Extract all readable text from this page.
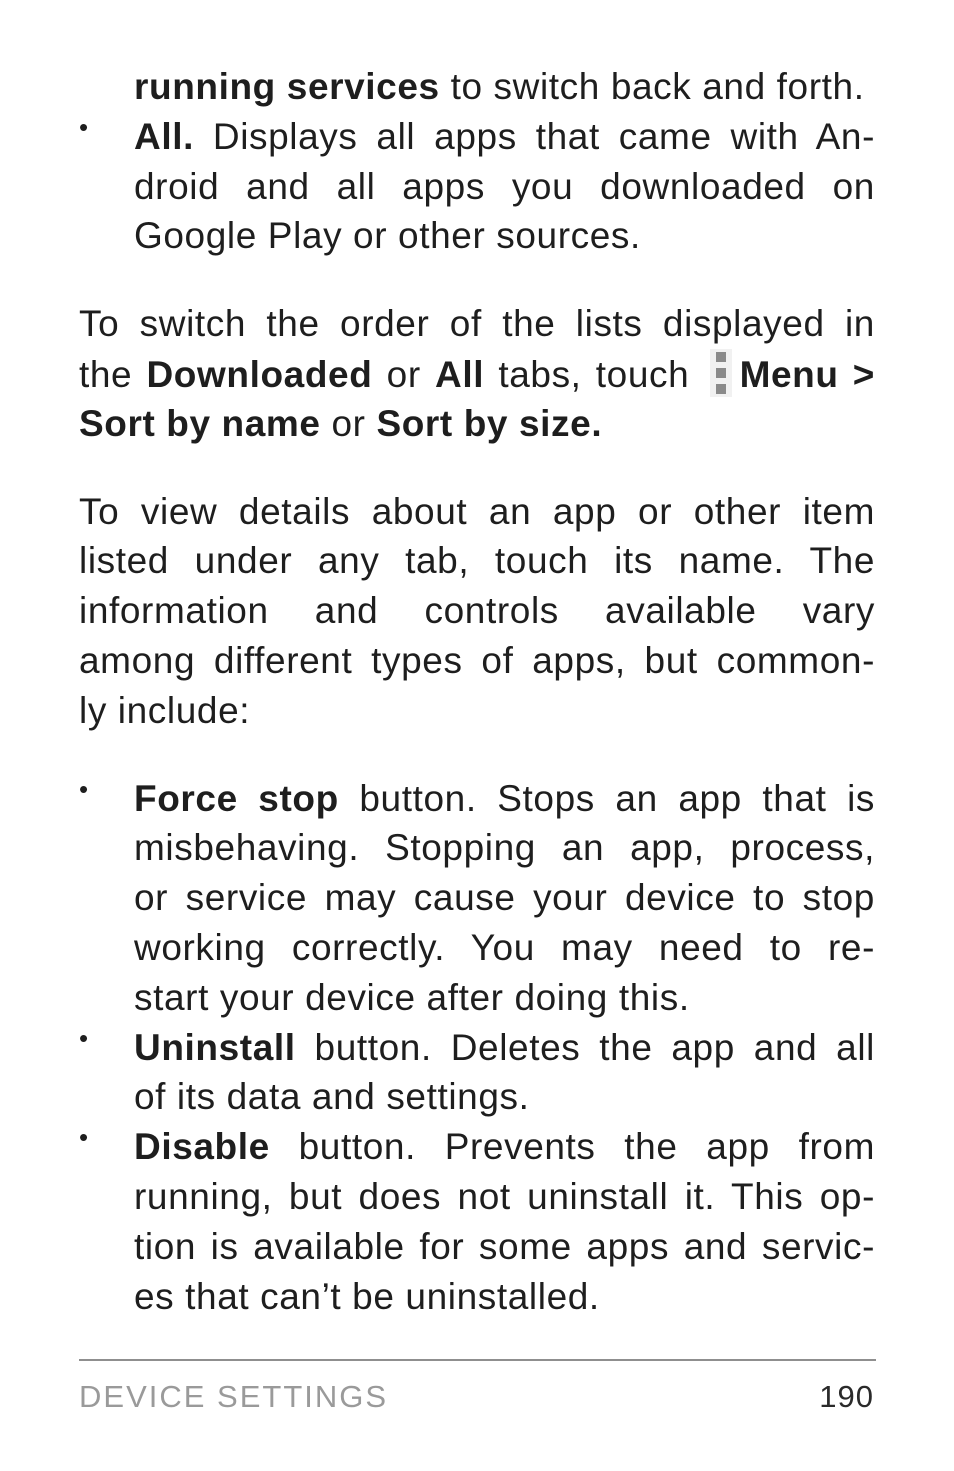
running services to switch back and forth.
•	All. Displays all apps that came with An-
droid and all apps you downloaded on
Google Play or other sources.
To switch the order of the lists displayed in
the Downloaded or All tabs, touch
Menu >
Sort by name or Sort by size.
To view details about an app or other item
listed under any tab, touch its name. The
information and controls available vary
among different types of apps, but common-
ly include:
•	Force stop button. Stops an app that is
misbehaving. Stopping an app, process,
or service may cause your device to stop
working correctly. You may need to re-
start your device after doing this.
•	Uninstall button. Deletes the app and all
of its data and settings.
•	Disable button. Prevents the app from
running, but does not uninstall it. This op-
tion is available for some apps and servic-
es that can’t be uninstalled.
DEVICE SETTINGS	190
